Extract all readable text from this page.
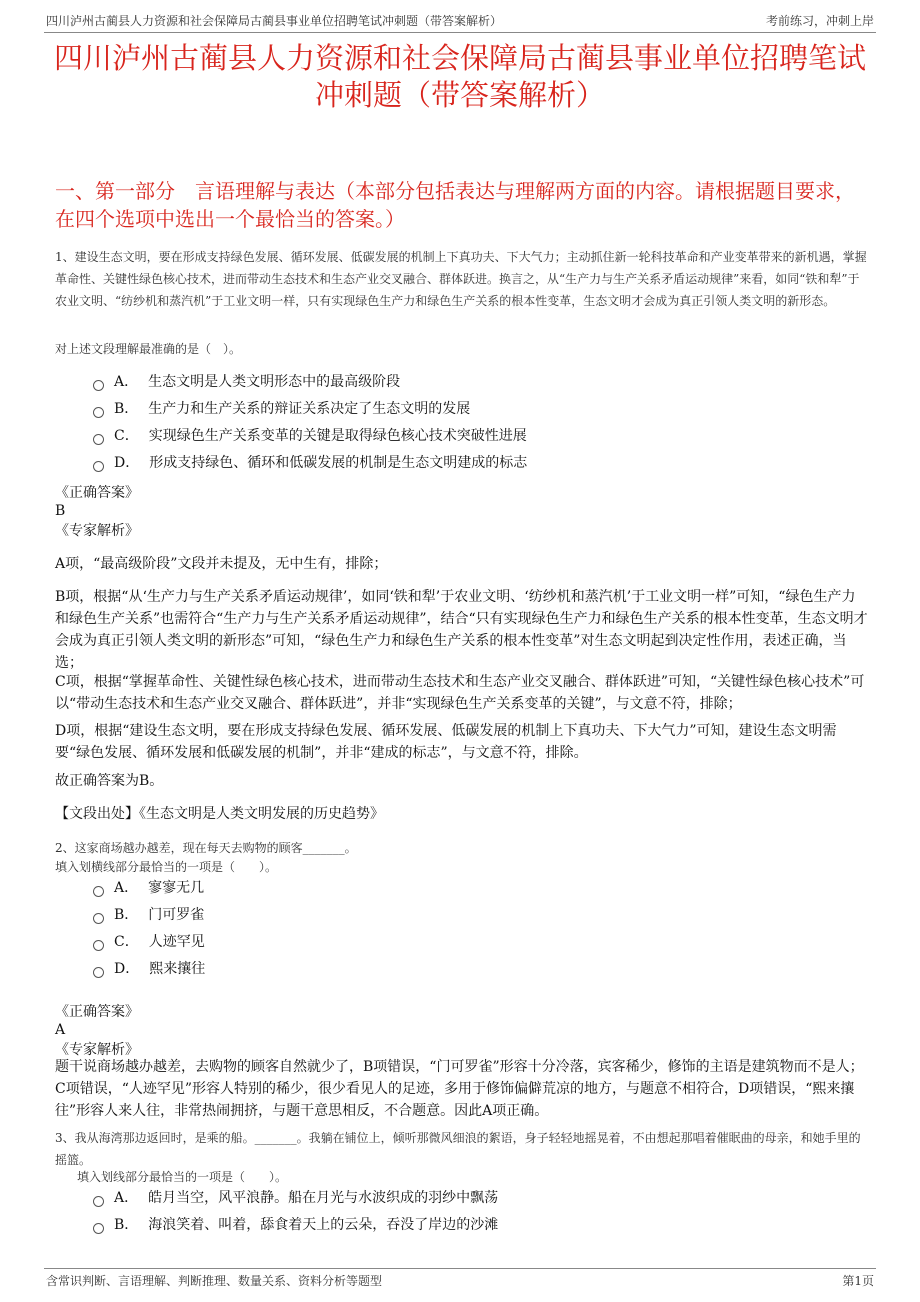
四川泸州古蔺县人力资源和社会保障局古蔺县事业单位招聘笔试冲刺题（带答案解析）	考前练习，冲刺上岸
四川泸州古蔺县人力资源和社会保障局古蔺县事业单位招聘笔试冲刺题（带答案解析）
一、第一部分　言语理解与表达（本部分包括表达与理解两方面的内容。请根据题目要求，在四个选项中选出一个最恰当的答案。）
1、建设生态文明，要在形成支持绿色发展、循环发展、低碳发展的机制上下真功夫、下大气力；主动抓住新一轮科技革命和产业变革带来的新机遇，掌握革命性、关键性绿色核心技术，进而带动生态技术和生态产业交叉融合、群体跃进。换言之，从“生产力与生产关系矛盾运动规律”来看，如同“铁和犁”于农业文明、“纺纱机和蒸汽机”于工业文明一样，只有实现绿色生产力和绿色生产关系的根本性变革，生态文明才会成为真正引领人类文明的新形态。
对上述文段理解最准确的是（　）。
A． 生态文明是人类文明形态中的最高级阶段
B． 生产力和生产关系的辩证关系决定了生态文明的发展
C． 实现绿色生产关系变革的关键是取得绿色核心技术突破性进展
D． 形成支持绿色、循环和低碳发展的机制是生态文明建成的标志
《正确答案》
B
《专家解析》
A项，“最高级阶段”文段并未提及，无中生有，排除；
B项，根据“从‘生产力与生产关系矛盾运动规律’，如同‘铁和犁’于农业文明、‘纺纱机和蒸汽机’于工业文明一样”可知，“绿色生产力和绿色生产关系”也需符合“生产力与生产关系矛盾运动规律”，结合“只有实现绿色生产力和绿色生产关系的根本性变革，生态文明才会成为真正引领人类文明的新形态”可知，“绿色生产力和绿色生产关系的根本性变革”对生态文明起到决定性作用，表述正确，当选；
C项，根据“掌握革命性、关键性绿色核心技术，进而带动生态技术和生态产业交叉融合、群体跃进”可知，“关键性绿色核心技术”可以“带动生态技术和生态产业交叉融合、群体跃进”，并非“实现绿色生产关系变革的关键”，与文意不符，排除；
D项，根据“建设生态文明，要在形成支持绿色发展、循环发展、低碳发展的机制上下真功夫、下大气力”可知，建设生态文明需要“绿色发展、循环发展和低碳发展的机制”，并非“建成的标志”，与文意不符，排除。
故正确答案为B。
【文段出处】《生态文明是人类文明发展的历史趋势》
2、这家商场越办越差，现在每天去购物的顾客_______。
填入划横线部分最恰当的一项是（　　）。
A． 寥寥无几
B． 门可罗雀
C． 人迹罕见
D． 熙来攘往
《正确答案》
A
《专家解析》
题干说商场越办越差，去购物的顾客自然就少了，B项错误，“门可罗雀”形容十分冷落，宾客稀少，修饰的主语是建筑物而不是人；C项错误，“人迹罕见”形容人特别的稀少，很少看见人的足迹，多用于修饰偏僻荒凉的地方，与题意不相符合，D项错误，“熙来攘往”形容人来人往，非常热闹拥挤，与题干意思相反，不合题意。因此A项正确。
3、我从海湾那边返回时，是乘的船。_______。我躺在铺位上，倾听那微风细浪的絮语，身子轻轻地摇晃着，不由想起那唱着催眠曲的母亲，和她手里的摇篮。
填入划线部分最恰当的一项是（　　）。
A． 皓月当空，风平浪静。船在月光与水波织成的羽纱中飘荡
B． 海浪笑着、叫着，舔食着天上的云朵，吞没了岸边的沙滩
含常识判断、言语理解、判断推理、数量关系、资料分析等题型	第1页
